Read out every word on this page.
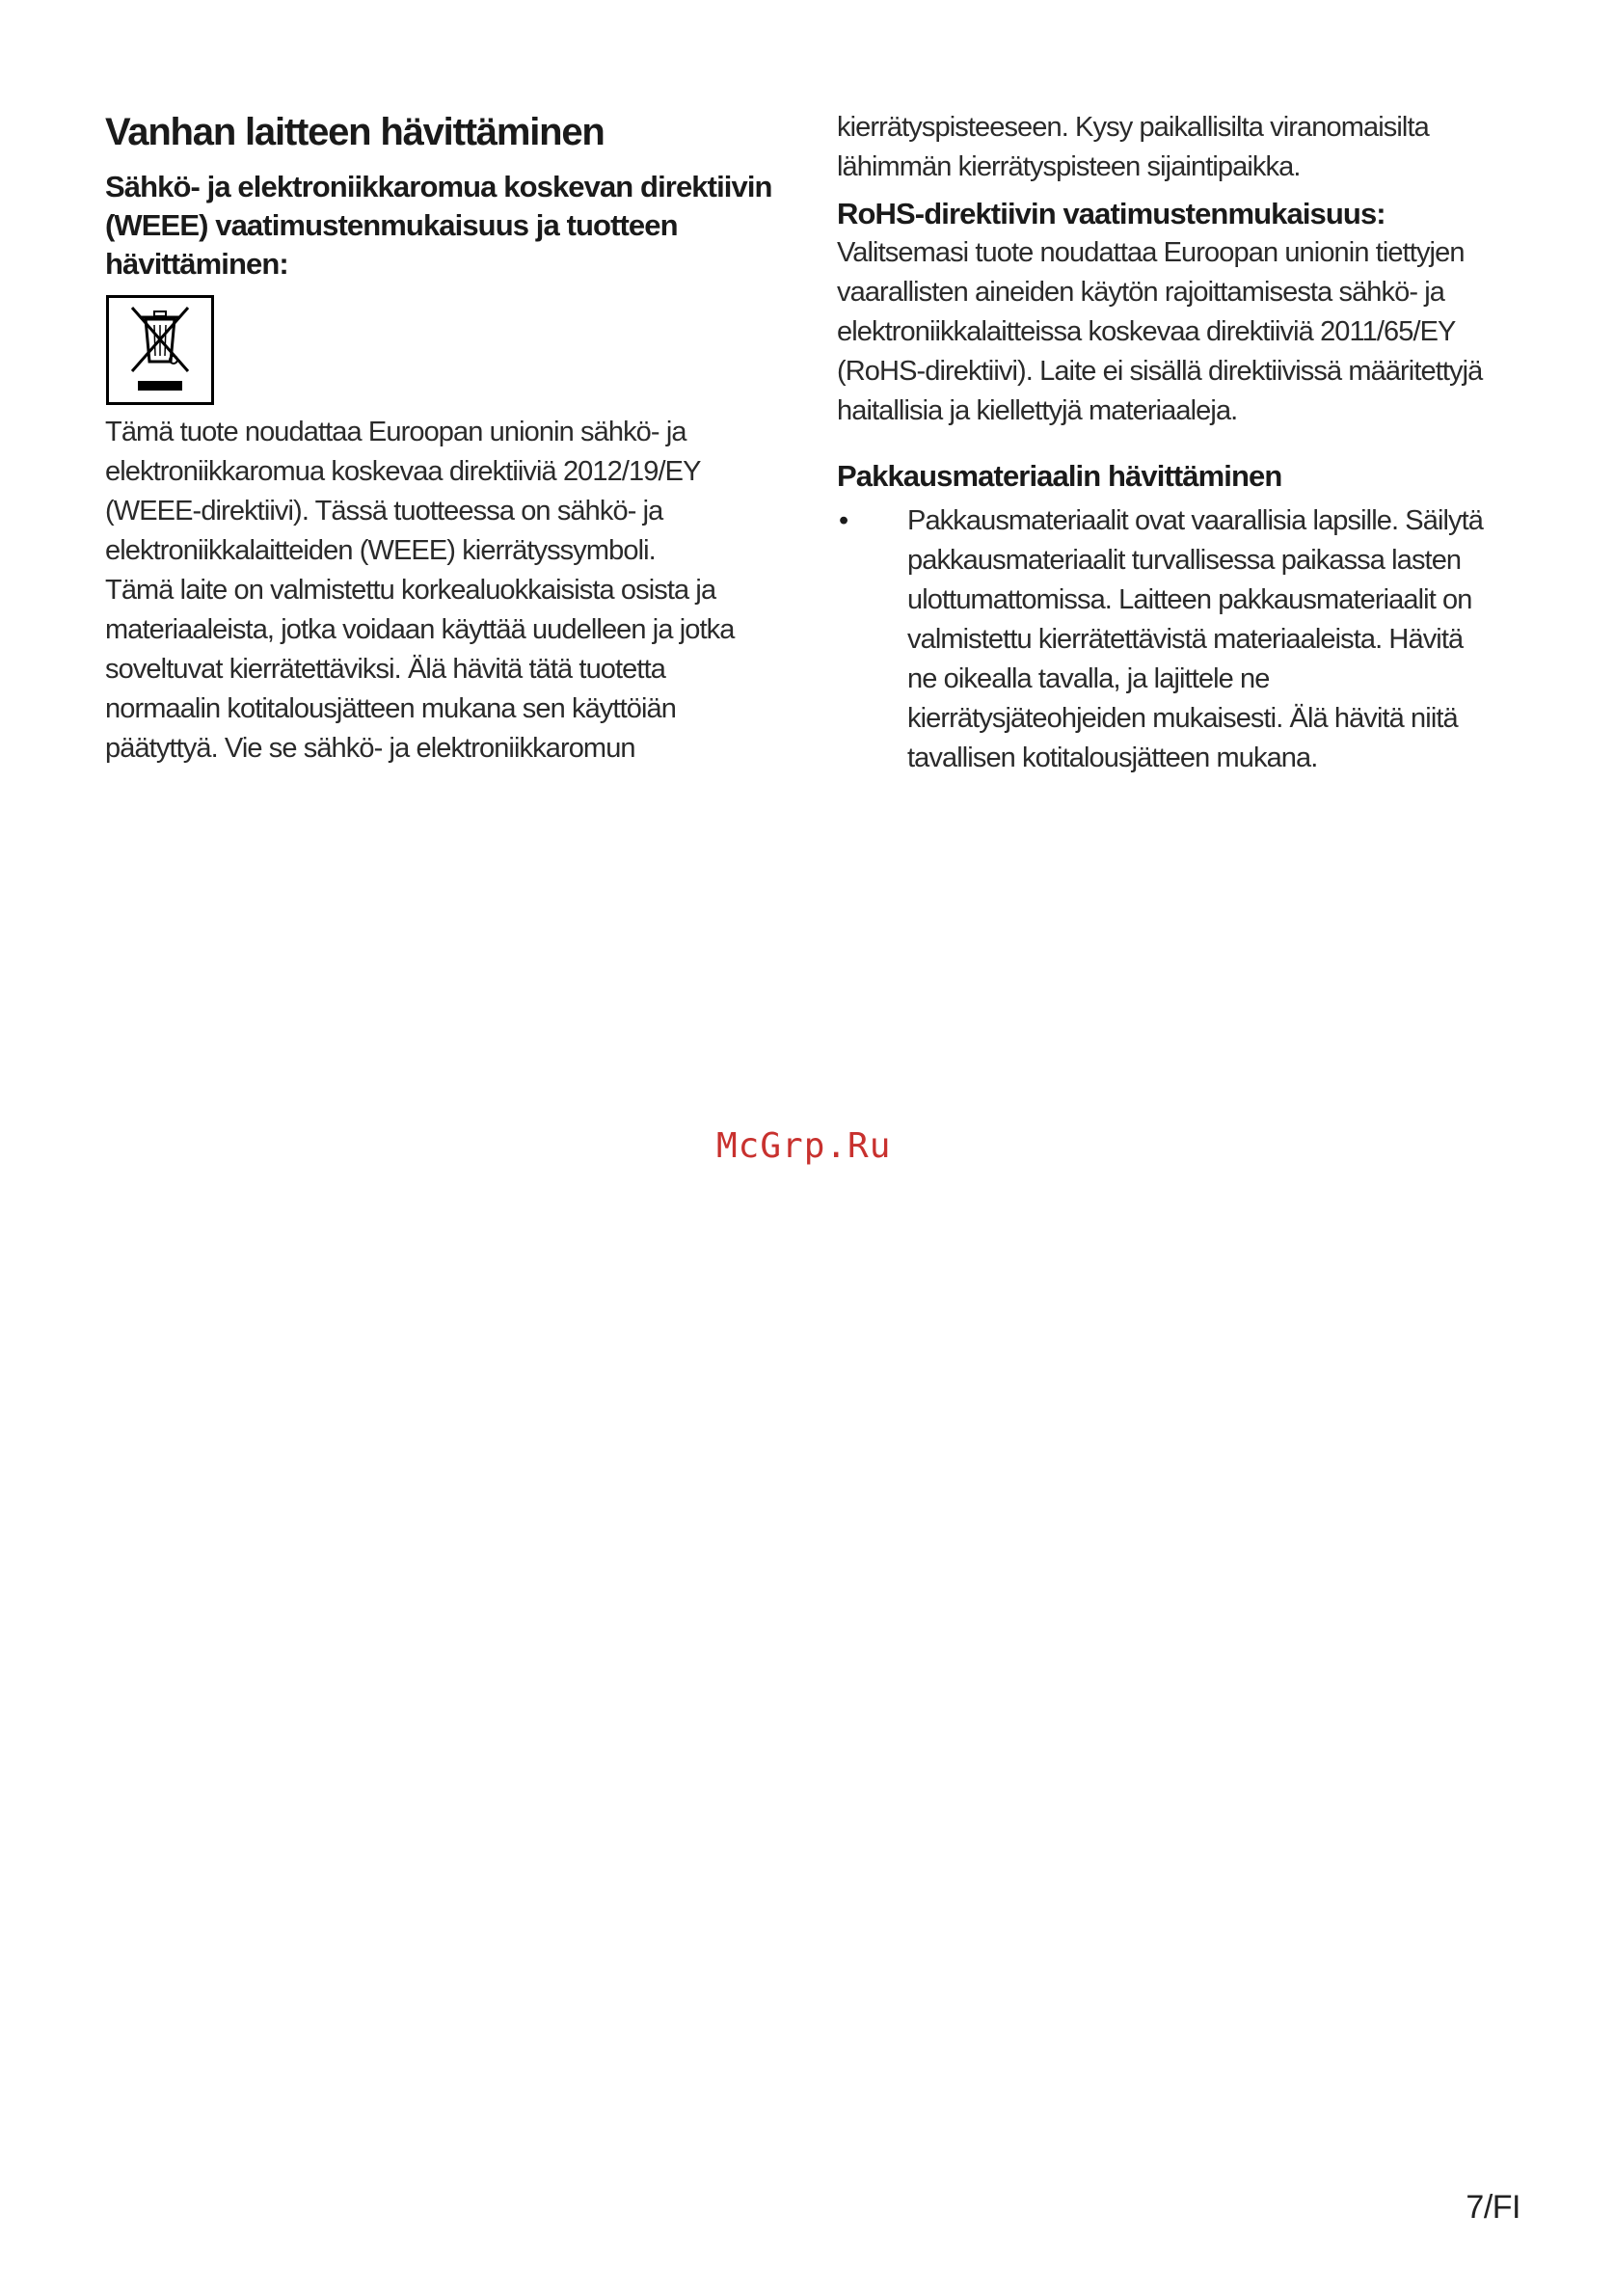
Vanhan laitteen hävittäminen
Sähkö- ja elektroniikkaromua koskevan direktiivin (WEEE) vaatimustenmukaisuus ja tuotteen hävittäminen:

Tämä tuote noudattaa Euroopan unionin sähkö- ja elektroniikkaromua koskevaa direktiiviä 2012/19/EY (WEEE-direktiivi). Tässä tuotteessa on sähkö- ja elektroniikkalaitteiden (WEEE) kierrätyssymboli.

Tämä laite on valmistettu korkealuokkaisista osista ja materiaaleista, jotka voidaan käyttää uudelleen ja jotka soveltuvat kierrätettäviksi. Älä hävitä tätä tuotetta normaalin kotitalousjätteen mukana sen käyttöiän päätyttyä. Vie se sähkö- ja elektroniikkaromun

kierrätyspisteeseen. Kysy paikallisilta viranomaisilta lähimmän kierrätyspisteen sijaintipaikka.

RoHS-direktiivin vaatimustenmukaisuus:

Valitsemasi tuote noudattaa Euroopan unionin tiettyjen vaarallisten aineiden käytön rajoittamisesta sähkö- ja elektroniikkalaitteissa koskevaa direktiiviä 2011/65/EY (RoHS-direktiivi). Laite ei sisällä direktiivissä määritettyjä haitallisia ja kiellettyjä materiaaleja.

Pakkausmateriaalin hävittäminen
•	Pakkausmateriaalit ovat vaarallisia lapsille. Säilytä pakkausmateriaalit turvallisessa paikassa lasten ulottumattomissa. Laitteen pakkausmateriaalit on valmistettu kierrätettävistä materiaaleista. Hävitä ne oikealla tavalla, ja lajittele ne kierrätysjäteohjeiden mukaisesti. Älä hävitä niitä tavallisen kotitalousjätteen mukana.

McGrp.Ru
7/FI
